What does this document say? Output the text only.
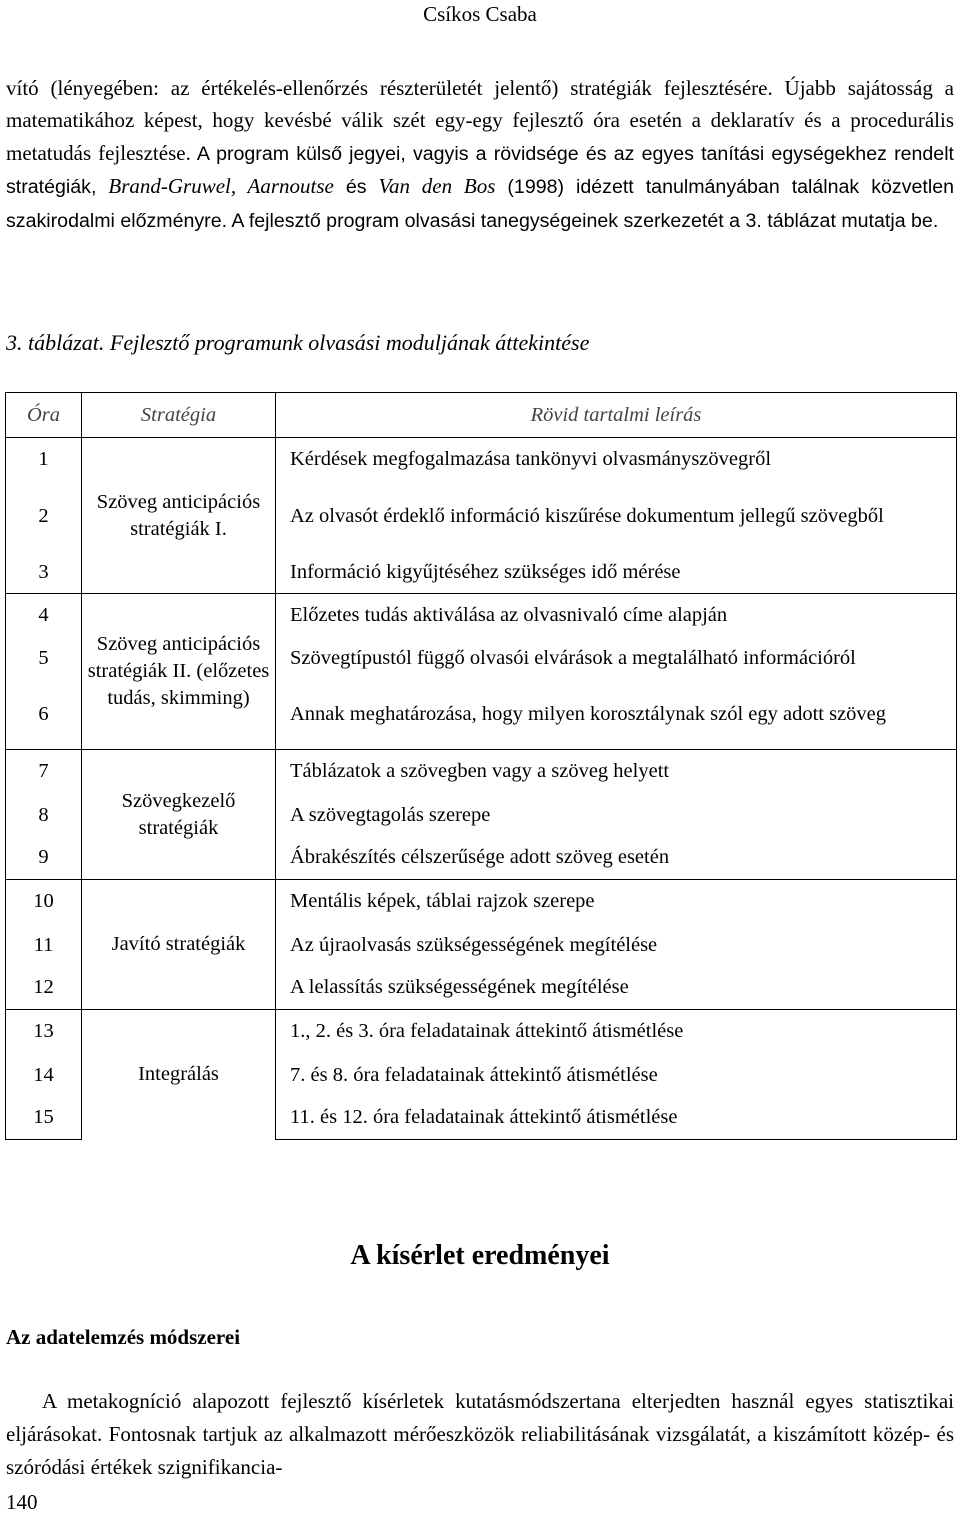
Csíkos Csaba

vító (lényegében: az értékelés-ellenőrzés részterületét jelentő) stratégiák fejlesztésére. Újabb sajátosság a matematikához képest, hogy kevésbé válik szét egy-egy fejlesztő óra esetén a deklaratív és a procedurális metatudás fejlesztése. A program külső jegyei, vagyis a rövidsége és az egyes tanítási egységekhez rendelt stratégiák, Brand-Gruwel, Aarnoutse és Van den Bos (1998) idézett tanulmányában találnak közvetlen szakirodalmi előzményre. A fejlesztő program olvasási tanegységeinek szerkezetét a 3. táblázat mutatja be.

3. táblázat. Fejlesztő programunk olvasási moduljának áttekintése
Óra	Stratégia	Rövid tartalmi leírás
1	Szöveg anticipációs stratégiák I.	Kérdések megfogalmazása tankönyvi olvasmányszövegről
2		Az olvasót érdeklő információ kiszűrése dokumentum jellegű szövegből
3		Információ kigyűjtéséhez szükséges idő mérése
4	Szöveg anticipációs stratégiák II. (előzetes tudás, skimming)	Előzetes tudás aktiválása az olvasnivaló címe alapján
5		Szövegtípustól függő olvasói elvárások a megtalálható információról
6		Annak meghatározása, hogy milyen korosztálynak szól egy adott szöveg
7	Szövegkezelő stratégiák	Táblázatok a szövegben vagy a szöveg helyett
8		A szövegtagolás szerepe
9		Ábrakészítés célszerűsége adott szöveg esetén
10	Javító stratégiák	Mentális képek, táblai rajzok szerepe
11		Az újraolvasás szükségességének megítélése
12		A lelassítás szükségességének megítélése
13	Integrálás	1., 2. és 3. óra feladatainak áttekintő átismétlése
14		7. és 8. óra feladatainak áttekintő átismétlése
15		11. és 12. óra feladatainak áttekintő átismétlése
A kísérlet eredményei
Az adatelemzés módszerei

A metakogníció alapozott fejlesztő kísérletek kutatásmódszertana elterjedten használ egyes statisztikai eljárásokat. Fontosnak tartjuk az alkalmazott mérőeszközök reliabilitásának vizsgálatát, a kiszámított közép- és szóródási értékek szignifikancia-

140
